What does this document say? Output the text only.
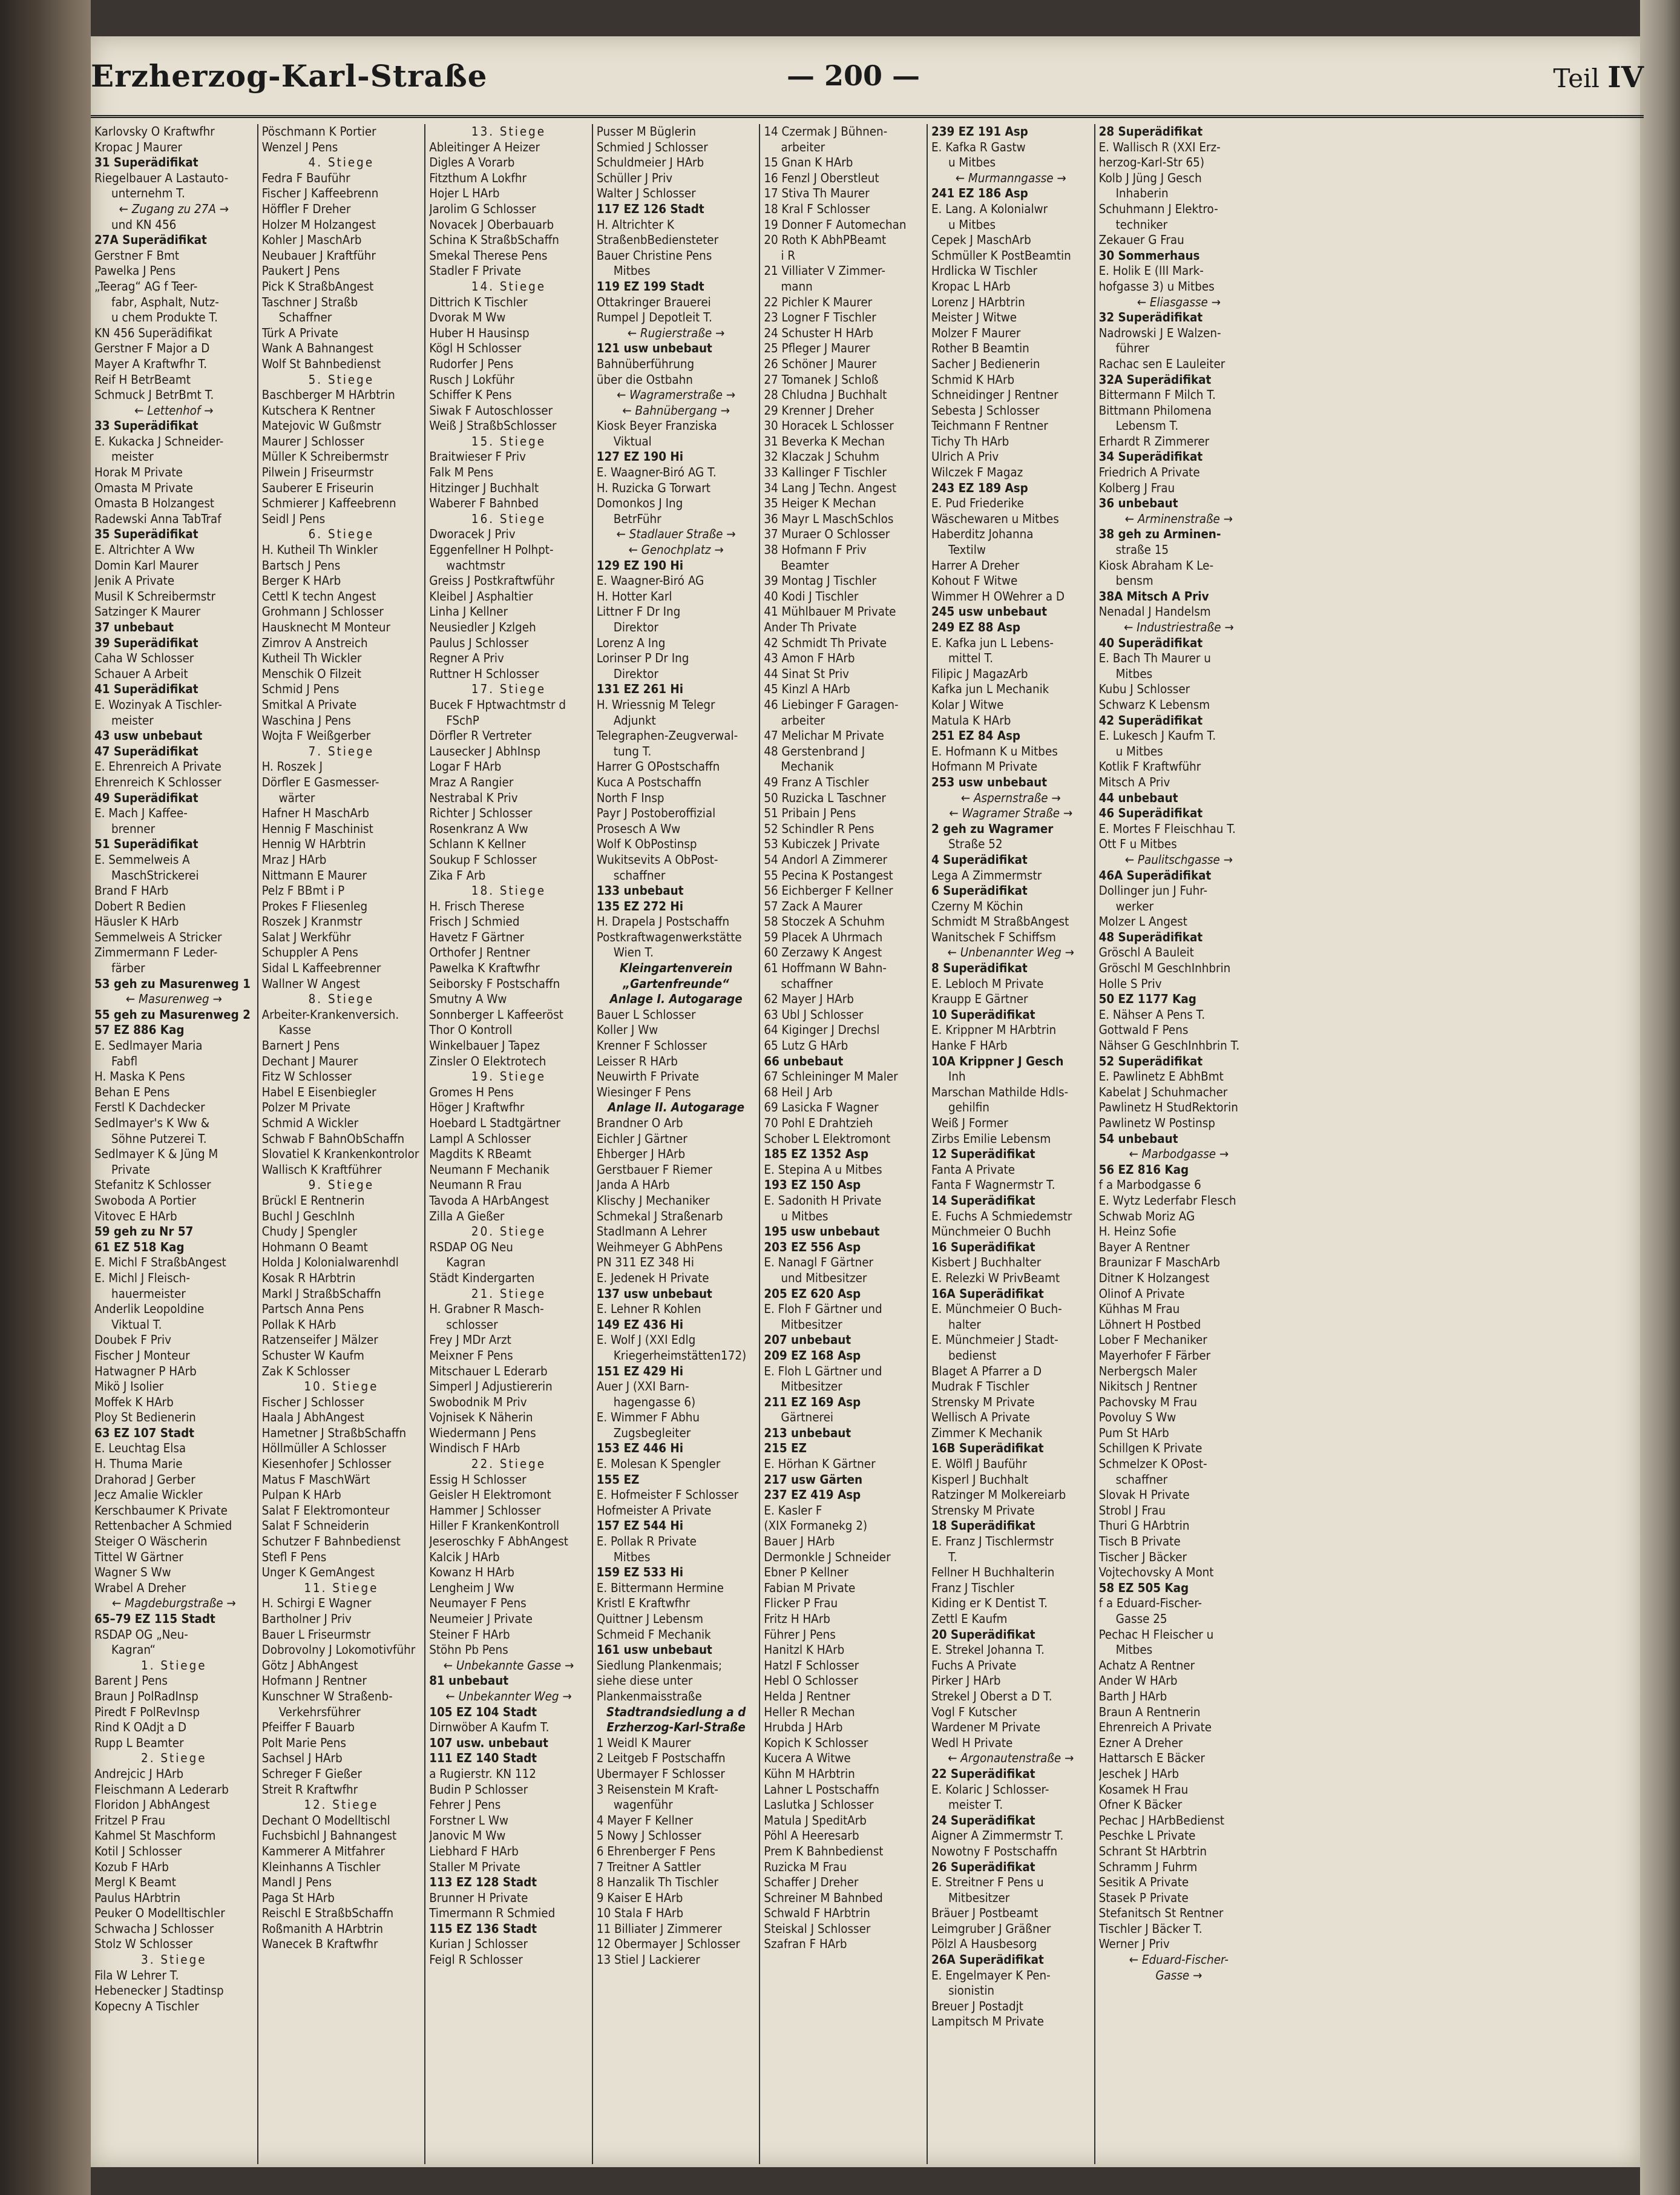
Erzherzog-Karl-Straße	— 200 —	Teil IV
Karlovsky O Kraftwfhr
Kropac J Maurer
31 Superädifikat
Riegelbauer A Lastauto-
unternehm T.
← Zugang zu 27A →
und KN 456
27A Superädifikat
Gerstner F Bmt
Pawelka J Pens
„Teerag“ AG f Teer-
fabr, Asphalt, Nutz-
u chem Produkte T.
KN 456 Superädifikat
Gerstner F Major a D
Mayer A Kraftwfhr T.
Reif H BetrBeamt
Schmuck J BetrBmt T.
← Lettenhof →
33 Superädifikat
E. Kukacka J Schneider-
meister
Horak M Private
Omasta M Private
Omasta B Holzangest
Radewski Anna TabTraf
35 Superädifikat
E. Altrichter A Ww
Domin Karl Maurer
Jenik A Private
Musil K Schreibermstr
Satzinger K Maurer
37 unbebaut
39 Superädifikat
Caha W Schlosser
Schauer A Arbeit
41 Superädifikat
E. Wozinyak A Tischler-
meister
43 usw unbebaut
47 Superädifikat
E. Ehrenreich A Private
Ehrenreich K Schlosser
49 Superädifikat
E. Mach J Kaffee-
brenner
51 Superädifikat
E. Semmelweis A
MaschStrickerei
Brand F HArb
Dobert R Bedien
Häusler K HArb
Semmelweis A Stricker
Zimmermann F Leder-
färber
53 geh zu Masurenweg 1
← Masurenweg →
55 geh zu Masurenweg 2
57 EZ 886 Kag
E. Sedlmayer Maria
Fabfl
H. Maska K Pens
Behan E Pens
Ferstl K Dachdecker
Sedlmayer's K Ww &
Söhne Putzerei T.
Sedlmayer K & Jüng M
Private
Stefanitz K Schlosser
Swoboda A Portier
Vitovec E HArb
59 geh zu Nr 57
61 EZ 518 Kag
E. Michl F StraßbAngest
E. Michl J Fleisch-
hauermeister
Anderlik Leopoldine
Viktual T.
Doubek F Priv
Fischer J Monteur
Hatwagner P HArb
Mikö J Isolier
Moffek K HArb
Ploy St Bedienerin
63 EZ 107 Stadt
E. Leuchtag Elsa
H. Thuma Marie
Drahorad J Gerber
Jecz Amalie Wickler
Kerschbaumer K Private
Rettenbacher A Schmied
Steiger O Wäscherin
Tittel W Gärtner
Wagner S Ww
Wrabel A Dreher
← Magdeburgstraße →
65–79 EZ 115 Stadt
RSDAP OG „Neu-
Kagran“
1. Stiege
Barent J Pens
Braun J PolRadInsp
Piredt F PolRevInsp
Rind K OAdjt a D
Rupp L Beamter
2. Stiege
Andrejcic J HArb
Fleischmann A Lederarb
Floridon J AbhAngest
Fritzel P Frau
Kahmel St Maschform
Kotil J Schlosser
Kozub F HArb
Mergl K Beamt
Paulus HArbtrin
Peuker O Modelltischler
Schwacha J Schlosser
Stolz W Schlosser
3. Stiege
Fila W Lehrer T.
Hebenecker J Stadtinsp
Kopecny A Tischler
Pöschmann K Portier
Wenzel J Pens
4. Stiege
Fedra F Bauführ
Fischer J Kaffeebrenn
Höffler F Dreher
Holzer M Holzangest
Kohler J MaschArb
Neubauer J Kraftführ
Paukert J Pens
Pick K StraßbAngest
Taschner J Straßb
Schaffner
Türk A Private
Wank A Bahnangest
Wolf St Bahnbedienst
5. Stiege
Baschberger M HArbtrin
Kutschera K Rentner
Matejovic W Gußmstr
Maurer J Schlosser
Müller K Schreibermstr
Pilwein J Friseurmstr
Sauberer E Friseurin
Schmierer J Kaffeebrenn
Seidl J Pens
6. Stiege
H. Kutheil Th Winkler
Bartsch J Pens
Berger K HArb
Cettl K techn Angest
Grohmann J Schlosser
Hausknecht M Monteur
Zimrov A Anstreich
Kutheil Th Wickler
Menschik O Filzeit
Schmid J Pens
Smitkal A Private
Waschina J Pens
Wojta F Weißgerber
7. Stiege
H. Roszek J
Dörfler E Gasmesser-
wärter
Hafner H MaschArb
Hennig F Maschinist
Hennig W HArbtrin
Mraz J HArb
Nittmann E Maurer
Pelz F BBmt i P
Prokes F Fliesenleg
Roszek J Kranmstr
Salat J Werkführ
Schuppler A Pens
Sidal L Kaffeebrenner
Wallner W Angest
8. Stiege
Arbeiter-Krankenversich.
Kasse
Barnert J Pens
Dechant J Maurer
Fitz W Schlosser
Habel E Eisenbiegler
Polzer M Private
Schmid A Wickler
Schwab F BahnObSchaffn
Slovatiel K Krankenkontrolor
Wallisch K Kraftführer
9. Stiege
Brückl E Rentnerin
Buchl J GeschInh
Chudy J Spengler
Hohmann O Beamt
Holda J Kolonialwarenhdl
Kosak R HArbtrin
Markl J StraßbSchaffn
Partsch Anna Pens
Pollak K HArb
Ratzenseifer J Mälzer
Schuster W Kaufm
Zak K Schlosser
10. Stiege
Fischer J Schlosser
Haala J AbhAngest
Hametner J StraßbSchaffn
Höllmüller A Schlosser
Kiesenhofer J Schlosser
Matus F MaschWärt
Pulpan K HArb
Salat F Elektromonteur
Salat F Schneiderin
Schutzer F Bahnbedienst
Stefl F Pens
Unger K GemAngest
11. Stiege
H. Schirgi E Wagner
Bartholner J Priv
Bauer L Friseurmstr
Dobrovolny J Lokomotivführ
Götz J AbhAngest
Hofmann J Rentner
Kunschner W Straßenb-
Verkehrsführer
Pfeiffer F Bauarb
Polt Marie Pens
Sachsel J HArb
Schreger F Gießer
Streit R Kraftwfhr
12. Stiege
Dechant O Modelltischl
Fuchsbichl J Bahnangest
Kammerer A Mitfahrer
Kleinhanns A Tischler
Mandl J Pens
Paga St HArb
Reischl E StraßbSchaffn
Roßmanith A HArbtrin
Wanecek B Kraftwfhr
13. Stiege
Ableitinger A Heizer
Digles A Vorarb
Fitzthum A Lokfhr
Hojer L HArb
Jarolim G Schlosser
Novacek J Oberbauarb
Schina K StraßbSchaffn
Smekal Therese Pens
Stadler F Private
14. Stiege
Dittrich K Tischler
Dvorak M Ww
Huber H Hausinsp
Kögl H Schlosser
Rudorfer J Pens
Rusch J Lokführ
Schiffer K Pens
Siwak F Autoschlosser
Weiß J StraßbSchlosser
15. Stiege
Braitwieser F Priv
Falk M Pens
Hitzinger J Buchhalt
Waberer F Bahnbed
16. Stiege
Dworacek J Priv
Eggenfellner H Polhpt-
wachtmstr
Greiss J Postkraftwführ
Kleibel J Asphaltier
Linha J Kellner
Neusiedler J Kzlgeh
Paulus J Schlosser
Regner A Priv
Ruttner H Schlosser
17. Stiege
Bucek F Hptwachtmstr d
FSchP
Dörfler R Vertreter
Lausecker J AbhInsp
Logar F HArb
Mraz A Rangier
Nestrabal K Priv
Richter J Schlosser
Rosenkranz A Ww
Schlann K Kellner
Soukup F Schlosser
Zika F Arb
18. Stiege
H. Frisch Therese
Frisch J Schmied
Havetz F Gärtner
Orthofer J Rentner
Pawelka K Kraftwfhr
Seiborsky F Postschaffn
Smutny A Ww
Sonnberger L Kaffeeröst
Thor O Kontroll
Winkelbauer J Tapez
Zinsler O Elektrotech
19. Stiege
Gromes H Pens
Höger J Kraftwfhr
Hoebard L Stadtgärtner
Lampl A Schlosser
Magdits K RBeamt
Neumann F Mechanik
Neumann R Frau
Tavoda A HArbAngest
Zilla A Gießer
20. Stiege
RSDAP OG Neu
Kagran
Städt Kindergarten
21. Stiege
H. Grabner R Masch-
schlosser
Frey J MDr Arzt
Meixner F Pens
Mitschauer L Ederarb
Simperl J Adjustiererin
Swobodnik M Priv
Vojnisek K Näherin
Wiedermann J Pens
Windisch F HArb
22. Stiege
Essig H Schlosser
Geisler H Elektromont
Hammer J Schlosser
Hiller F KrankenKontroll
Jeseroschky F AbhAngest
Kalcik J HArb
Kowanz H HArb
Lengheim J Ww
Neumayer F Pens
Neumeier J Private
Steiner F HArb
Stöhn Pb Pens
← Unbekannte Gasse →
81 unbebaut
← Unbekannter Weg →
105 EZ 104 Stadt
Dirnwöber A Kaufm T.
107 usw. unbebaut
111 EZ 140 Stadt
a Rugierstr. KN 112
Budin P Schlosser
Fehrer J Pens
Forstner L Ww
Janovic M Ww
Liebhard F HArb
Staller M Private
113 EZ 128 Stadt
Brunner H Private
Timermann R Schmied
115 EZ 136 Stadt
Kurian J Schlosser
Feigl R Schlosser
Pusser M Büglerin
Schmied J Schlosser
Schuldmeier J HArb
Schüller J Priv
Walter J Schlosser
117 EZ 126 Stadt
H. Altrichter K
StraßenbBediensteter
Bauer Christine Pens
Mitbes
119 EZ 199 Stadt
Ottakringer Brauerei
Rumpel J Depotleit T.
← Rugierstraße →
121 usw unbebaut
Bahnüberführung
über die Ostbahn
← Wagramerstraße →
← Bahnübergang →
Kiosk Beyer Franziska
Viktual
127 EZ 190 Hi
E. Waagner-Biró AG T.
H. Ruzicka G Torwart
Domonkos J Ing
BetrFühr
← Stadlauer Straße →
← Genochplatz →
129 EZ 190 Hi
E. Waagner-Biró AG
H. Hotter Karl
Littner F Dr Ing
Direktor
Lorenz A Ing
Lorinser P Dr Ing
Direktor
131 EZ 261 Hi
H. Wriessnig M Telegr
Adjunkt
Telegraphen-Zeugverwal-
tung T.
Harrer G OPostschaffn
Kuca A Postschaffn
North F Insp
Payr J Postoberoffizial
Prosesch A Ww
Wolf K ObPostinsp
Wukitsevits A ObPost-
schaffner
133 unbebaut
135 EZ 272 Hi
H. Drapela J Postschaffn
Postkraftwagenwerkstätte
Wien T.
Kleingartenverein
„Gartenfreunde“
Anlage I. Autogarage
Bauer L Schlosser
Koller J Ww
Krenner F Schlosser
Leisser R HArb
Neuwirth F Private
Wiesinger F Pens
Anlage II. Autogarage
Brandner O Arb
Eichler J Gärtner
Ehberger J HArb
Gerstbauer F Riemer
Janda A HArb
Klischy J Mechaniker
Schmekal J Straßenarb
Stadlmann A Lehrer
Weihmeyer G AbhPens
PN 311 EZ 348 Hi
E. Jedenek H Private
137 usw unbebaut
E. Lehner R Kohlen
149 EZ 436 Hi
E. Wolf J (XXI Edlg
Kriegerheimstätten172)
151 EZ 429 Hi
Auer J (XXI Barn-
hagengasse 6)
E. Wimmer F Abhu
Zugsbegleiter
153 EZ 446 Hi
E. Molesan K Spengler
155 EZ
E. Hofmeister F Schlosser
Hofmeister A Private
157 EZ 544 Hi
E. Pollak R Private
Mitbes
159 EZ 533 Hi
E. Bittermann Hermine
Kristl E Kraftwfhr
Quittner J Lebensm
Schmeid F Mechanik
161 usw unbebaut
Siedlung Plankenmais;
siehe diese unter
Plankenmaisstraße
Stadtrandsiedlung a d
Erzherzog-Karl-Straße
1 Weidl K Maurer
2 Leitgeb F Postschaffn
Ubermayer F Schlosser
3 Reisenstein M Kraft-
wagenführ
4 Mayer F Kellner
5 Nowy J Schlosser
6 Ehrenberger F Pens
7 Treitner A Sattler
8 Hanzalik Th Tischler
9 Kaiser E HArb
10 Stala F HArb
11 Billiater J Zimmerer
12 Obermayer J Schlosser
13 Stiel J Lackierer
14 Czermak J Bühnen-
arbeiter
15 Gnan K HArb
16 Fenzl J Oberstleut
17 Stiva Th Maurer
18 Kral F Schlosser
19 Donner F Automechan
20 Roth K AbhPBeamt
i R
21 Villiater V Zimmer-
mann
22 Pichler K Maurer
23 Logner F Tischler
24 Schuster H HArb
25 Pfleger J Maurer
26 Schöner J Maurer
27 Tomanek J Schloß
28 Chludna J Buchhalt
29 Krenner J Dreher
30 Horacek L Schlosser
31 Beverka K Mechan
32 Klaczak J Schuhm
33 Kallinger F Tischler
34 Lang J Techn. Angest
35 Heiger K Mechan
36 Mayr L MaschSchlos
37 Muraer O Schlosser
38 Hofmann F Priv
Beamter
39 Montag J Tischler
40 Kodi J Tischler
41 Mühlbauer M Private
Ander Th Private
42 Schmidt Th Private
43 Amon F HArb
44 Sinat St Priv
45 Kinzl A HArb
46 Liebinger F Garagen-
arbeiter
47 Melichar M Private
48 Gerstenbrand J
Mechanik
49 Franz A Tischler
50 Ruzicka L Taschner
51 Pribain J Pens
52 Schindler R Pens
53 Kubiczek J Private
54 Andorl A Zimmerer
55 Pecina K Postangest
56 Eichberger F Kellner
57 Zack A Maurer
58 Stoczek A Schuhm
59 Placek A Uhrmach
60 Zerzawy K Angest
61 Hoffmann W Bahn-
schaffner
62 Mayer J HArb
63 Ubl J Schlosser
64 Kiginger J Drechsl
65 Lutz G HArb
66 unbebaut
67 Schleininger M Maler
68 Heil J Arb
69 Lasicka F Wagner
70 Pohl E Drahtzieh
Schober L Elektromont
185 EZ 1352 Asp
E. Stepina A u Mitbes
193 EZ 150 Asp
E. Sadonith H Private
u Mitbes
195 usw unbebaut
203 EZ 556 Asp
E. Nanagl F Gärtner
und Mitbesitzer
205 EZ 620 Asp
E. Floh F Gärtner und
Mitbesitzer
207 unbebaut
209 EZ 168 Asp
E. Floh L Gärtner und
Mitbesitzer
211 EZ 169 Asp
Gärtnerei
213 unbebaut
215 EZ
E. Hörhan K Gärtner
217 usw Gärten
237 EZ 419 Asp
E. Kasler F
(XIX Formanekg 2)
Bauer J HArb
Dermonkle J Schneider
Ebner P Kellner
Fabian M Private
Flicker P Frau
Fritz H HArb
Führer J Pens
Hanitzl K HArb
Hatzl F Schlosser
Hebl O Schlosser
Helda J Rentner
Heller R Mechan
Hrubda J HArb
Kopich K Schlosser
Kucera A Witwe
Kühn M HArbtrin
Lahner L Postschaffn
Laslutka J Schlosser
Matula J SpeditArb
Pöhl A Heeresarb
Prem K Bahnbedienst
Ruzicka M Frau
Schaffer J Dreher
Schreiner M Bahnbed
Schwald F HArbtrin
Steiskal J Schlosser
Szafran F HArb
239 EZ 191 Asp
E. Kafka R Gastw
u Mitbes
← Murmanngasse →
241 EZ 186 Asp
E. Lang. A Kolonialwr
u Mitbes
Cepek J MaschArb
Schmüller K PostBeamtin
Hrdlicka W Tischler
Kropac L HArb
Lorenz J HArbtrin
Meister J Witwe
Molzer F Maurer
Rother B Beamtin
Sacher J Bedienerin
Schmid K HArb
Schneidinger J Rentner
Sebesta J Schlosser
Teichmann F Rentner
Tichy Th HArb
Ulrich A Priv
Wilczek F Magaz
243 EZ 189 Asp
E. Pud Friederike
Wäschewaren u Mitbes
Haberditz Johanna
Textilw
Harrer A Dreher
Kohout F Witwe
Wimmer H OWehrer a D
245 usw unbebaut
249 EZ 88 Asp
E. Kafka jun L Lebens-
mittel T.
Filipic J MagazArb
Kafka jun L Mechanik
Kolar J Witwe
Matula K HArb
251 EZ 84 Asp
E. Hofmann K u Mitbes
Hofmann M Private
253 usw unbebaut
← Aspernstraße →
← Wagramer Straße →
2 geh zu Wagramer
Straße 52
4 Superädifikat
Lega A Zimmermstr
6 Superädifikat
Czerny M Köchin
Schmidt M StraßbAngest
Wanitschek F Schiffsm
← Unbenannter Weg →
8 Superädifikat
E. Lebloch M Private
Kraupp E Gärtner
10 Superädifikat
E. Krippner M HArbtrin
Hanke F HArb
10A Krippner J Gesch
Inh
Marschan Mathilde Hdls-
gehilfin
Weiß J Former
Zirbs Emilie Lebensm
12 Superädifikat
Fanta A Private
Fanta F Wagnermstr T.
14 Superädifikat
E. Fuchs A Schmiedemstr
Münchmeier O Buchh
16 Superädifikat
Kisbert J Buchhalter
E. Relezki W PrivBeamt
16A Superädifikat
E. Münchmeier O Buch-
halter
E. Münchmeier J Stadt-
bedienst
Blaget A Pfarrer a D
Mudrak F Tischler
Strensky M Private
Wellisch A Private
Zimmer K Mechanik
16B Superädifikat
E. Wölfl J Bauführ
Kisperl J Buchhalt
Ratzinger M Molkereiarb
Strensky M Private
18 Superädifikat
E. Franz J Tischlermstr
T.
Fellner H Buchhalterin
Franz J Tischler
Kiding er K Dentist T.
Zettl E Kaufm
20 Superädifikat
E. Strekel Johanna T.
Fuchs A Private
Pirker J HArb
Strekel J Oberst a D T.
Vogl F Kutscher
Wardener M Private
Wedl H Private
← Argonautenstraße →
22 Superädifikat
E. Kolaric J Schlosser-
meister T.
24 Superädifikat
Aigner A Zimmermstr T.
Nowotny F Postschaffn
26 Superädifikat
E. Streitner F Pens u
Mitbesitzer
Bräuer J Postbeamt
Leimgruber J Gräßner
Pölzl A Hausbesorg
26A Superädifikat
E. Engelmayer K Pen-
sionistin
Breuer J Postadjt
Lampitsch M Private
28 Superädifikat
E. Wallisch R (XXI Erz-
herzog-Karl-Str 65)
Kolb J Jüng J Gesch
Inhaberin
Schuhmann J Elektro-
techniker
Zekauer G Frau
30 Sommerhaus
E. Holik E (III Mark-
hofgasse 3) u Mitbes
← Eliasgasse →
32 Superädifikat
Nadrowski J E Walzen-
führer
Rachac sen E Lauleiter
32A Superädifikat
Bittermann F Milch T.
Bittmann Philomena
Lebensm T.
Erhardt R Zimmerer
34 Superädifikat
Friedrich A Private
Kolberg J Frau
36 unbebaut
← Arminenstraße →
38 geh zu Arminen-
straße 15
Kiosk Abraham K Le-
bensm
38A Mitsch A Priv
Nenadal J Handelsm
← Industriestraße →
40 Superädifikat
E. Bach Th Maurer u
Mitbes
Kubu J Schlosser
Schwarz K Lebensm
42 Superädifikat
E. Lukesch J Kaufm T.
u Mitbes
Kotlik F Kraftwführ
Mitsch A Priv
44 unbebaut
46 Superädifikat
E. Mortes F Fleischhau T.
Ott F u Mitbes
← Paulitschgasse →
46A Superädifikat
Dollinger jun J Fuhr-
werker
Molzer L Angest
48 Superädifikat
Gröschl A Bauleit
Gröschl M GeschInhbrin
Holle S Priv
50 EZ 1177 Kag
E. Nähser A Pens T.
Gottwald F Pens
Nähser G GeschInhbrin T.
52 Superädifikat
E. Pawlinetz E AbhBmt
Kabelat J Schuhmacher
Pawlinetz H StudRektorin
Pawlinetz W Postinsp
54 unbebaut
← Marbodgasse →
56 EZ 816 Kag
f a Marbodgasse 6
E. Wytz Lederfabr Flesch
Schwab Moriz AG
H. Heinz Sofie
Bayer A Rentner
Braunizar F MaschArb
Ditner K Holzangest
Olinof A Private
Kühhas M Frau
Löhnert H Postbed
Lober F Mechaniker
Mayerhofer F Färber
Nerbergsch Maler
Nikitsch J Rentner
Pachovsky M Frau
Povoluy S Ww
Pum St HArb
Schillgen K Private
Schmelzer K OPost-
schaffner
Slovak H Private
Strobl J Frau
Thuri G HArbtrin
Tisch B Private
Tischer J Bäcker
Vojtechovsky A Mont
58 EZ 505 Kag
f a Eduard-Fischer-
Gasse 25
Pechac H Fleischer u
Mitbes
Achatz A Rentner
Ander W HArb
Barth J HArb
Braun A Rentnerin
Ehrenreich A Private
Ezner A Dreher
Hattarsch E Bäcker
Jeschek J HArb
Kosamek H Frau
Ofner K Bäcker
Pechac J HArbBedienst
Peschke L Private
Schrant St HArbtrin
Schramm J Fuhrm
Sesitik A Private
Stasek P Private
Stefanitsch St Rentner
Tischler J Bäcker T.
Werner J Priv
← Eduard-Fischer-
Gasse →
